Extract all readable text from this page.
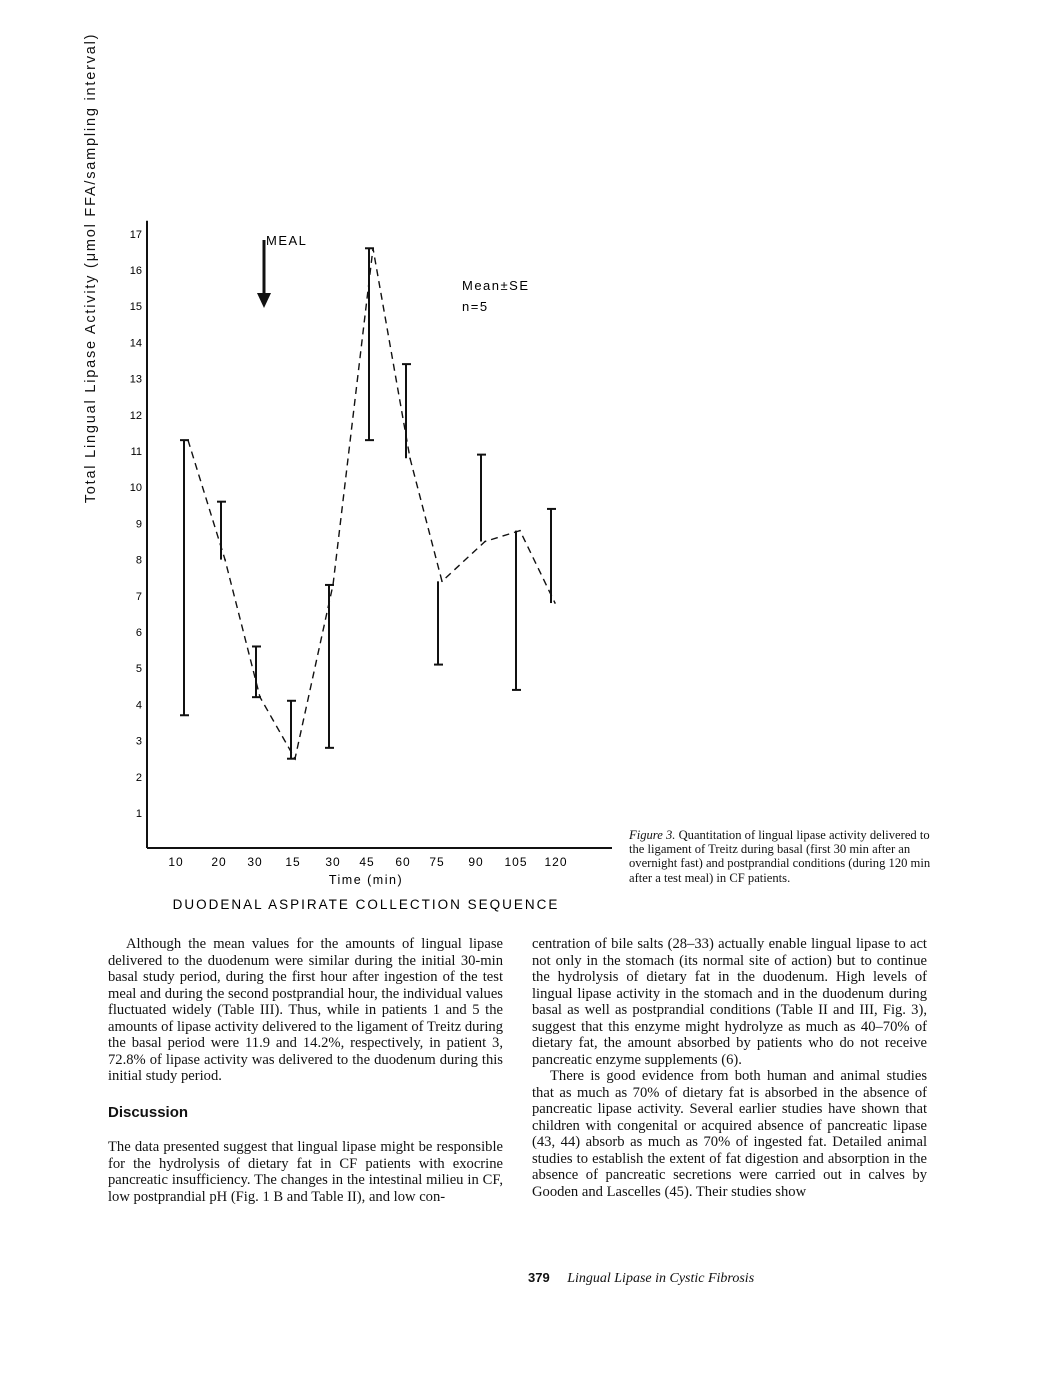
1
2
3
4
5
6
7
8
9
10
11
12
13
14
15
16
17
10 20 30 15 30 45 60 75 90 105 120
MEAL
Mean±SE
n=5
Time (min)
DUODENAL ASPIRATE COLLECTION SEQUENCE
Total Lingual Lipase Activity (μmol FFA/sampling interval)
Figure 3. Quantitation of lingual lipase activity delivered to the ligament of Treitz during basal (first 30 min after an overnight fast) and postprandial conditions (during 120 min after a test meal) in CF patients.

Although the mean values for the amounts of lingual lipase delivered to the duodenum were similar during the initial 30-min basal study period, during the first hour after ingestion of the test meal and during the second postprandial hour, the individual values fluctuated widely (Table III). Thus, while in patients 1 and 5 the amounts of lipase activity delivered to the ligament of Treitz during the basal period were 11.9 and 14.2%, respectively, in patient 3, 72.8% of lipase activity was delivered to the duodenum during this initial study period.

Discussion

The data presented suggest that lingual lipase might be responsible for the hydrolysis of dietary fat in CF patients with exocrine pancreatic insufficiency. The changes in the intestinal milieu in CF, low postprandial pH (Fig. 1 B and Table II), and low con-

centration of bile salts (28–33) actually enable lingual lipase to act not only in the stomach (its normal site of action) but to continue the hydrolysis of dietary fat in the duodenum. High levels of lingual lipase activity in the stomach and in the duodenum during basal as well as postprandial conditions (Table II and III, Fig. 3), suggest that this enzyme might hydrolyze as much as 40–70% of dietary fat, the amount absorbed by patients who do not receive pancreatic enzyme supplements (6).

There is good evidence from both human and animal studies that as much as 70% of dietary fat is absorbed in the absence of pancreatic lipase activity. Several earlier studies have shown that children with congenital or acquired absence of pancreatic lipase (43, 44) absorb as much as 70% of ingested fat. Detailed animal studies to establish the extent of fat digestion and absorption in the absence of pancreatic secretions were carried out in calves by Gooden and Lascelles (45). Their studies show

379 Lingual Lipase in Cystic Fibrosis
